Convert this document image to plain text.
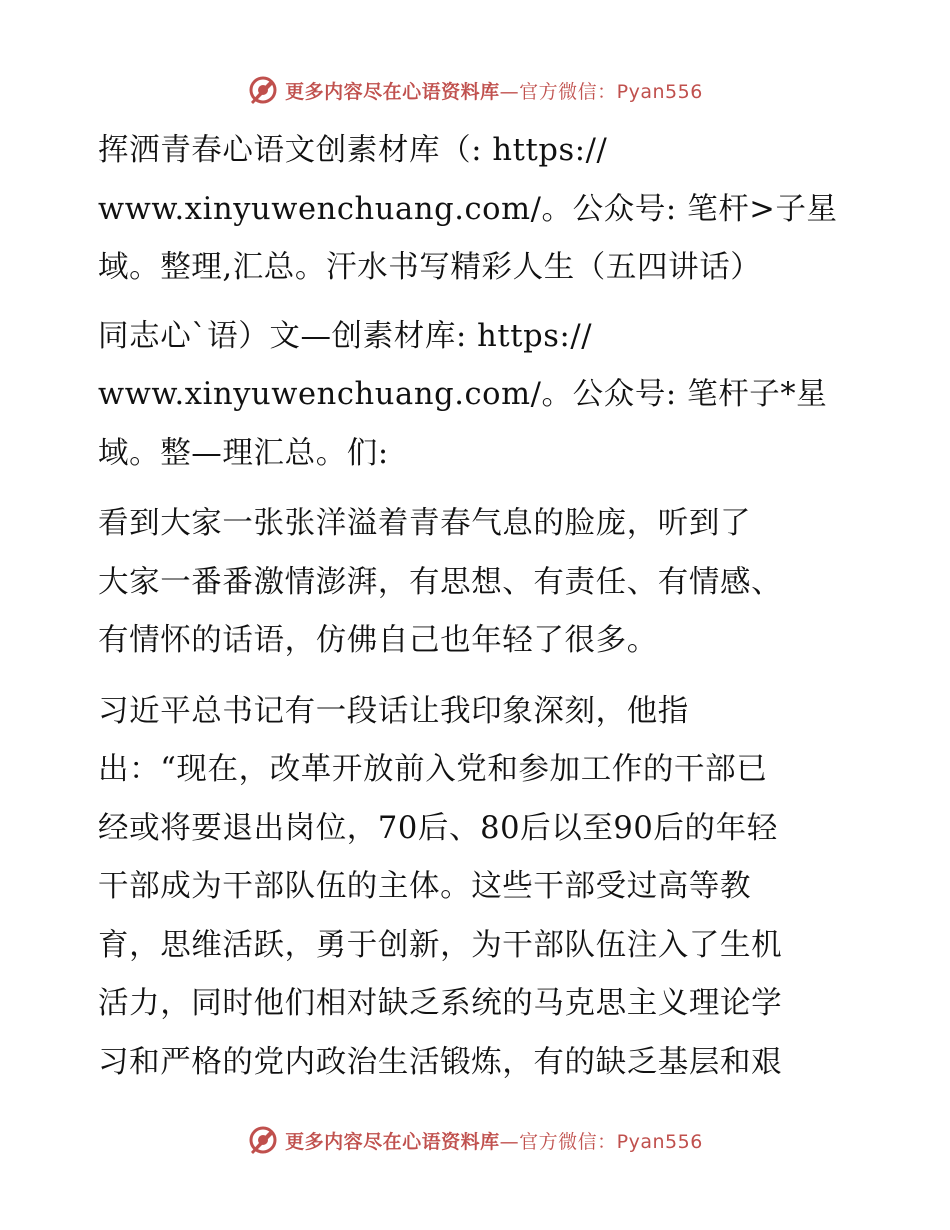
更多内容尽在心语资料库—官方微信：Pyan556

挥洒青春心语文创素材库（: https://
www.xinyuwenchuang.com/。公众号: 笔杆>子星
域。整理,汇总。汗水书写精彩人生（五四讲话）

同志心`语）文—创素材库: https://
www.xinyuwenchuang.com/。公众号: 笔杆子*星
域。整—理汇总。们:

看到大家一张张洋溢着青春气息的脸庞，听到了
大家一番番激情澎湃，有思想、有责任、有情感、
有情怀的话语，仿佛自己也年轻了很多。

习近平总书记有一段话让我印象深刻，他指
出：“现在，改革开放前入党和参加工作的干部已
经或将要退出岗位，70后、80后以至90后的年轻
干部成为干部队伍的主体。这些干部受过高等教
育，思维活跃，勇于创新，为干部队伍注入了生机
活力，同时他们相对缺乏系统的马克思主义理论学
习和严格的党内政治生活锻炼，有的缺乏基层和艰

更多内容尽在心语资料库—官方微信：Pyan556
